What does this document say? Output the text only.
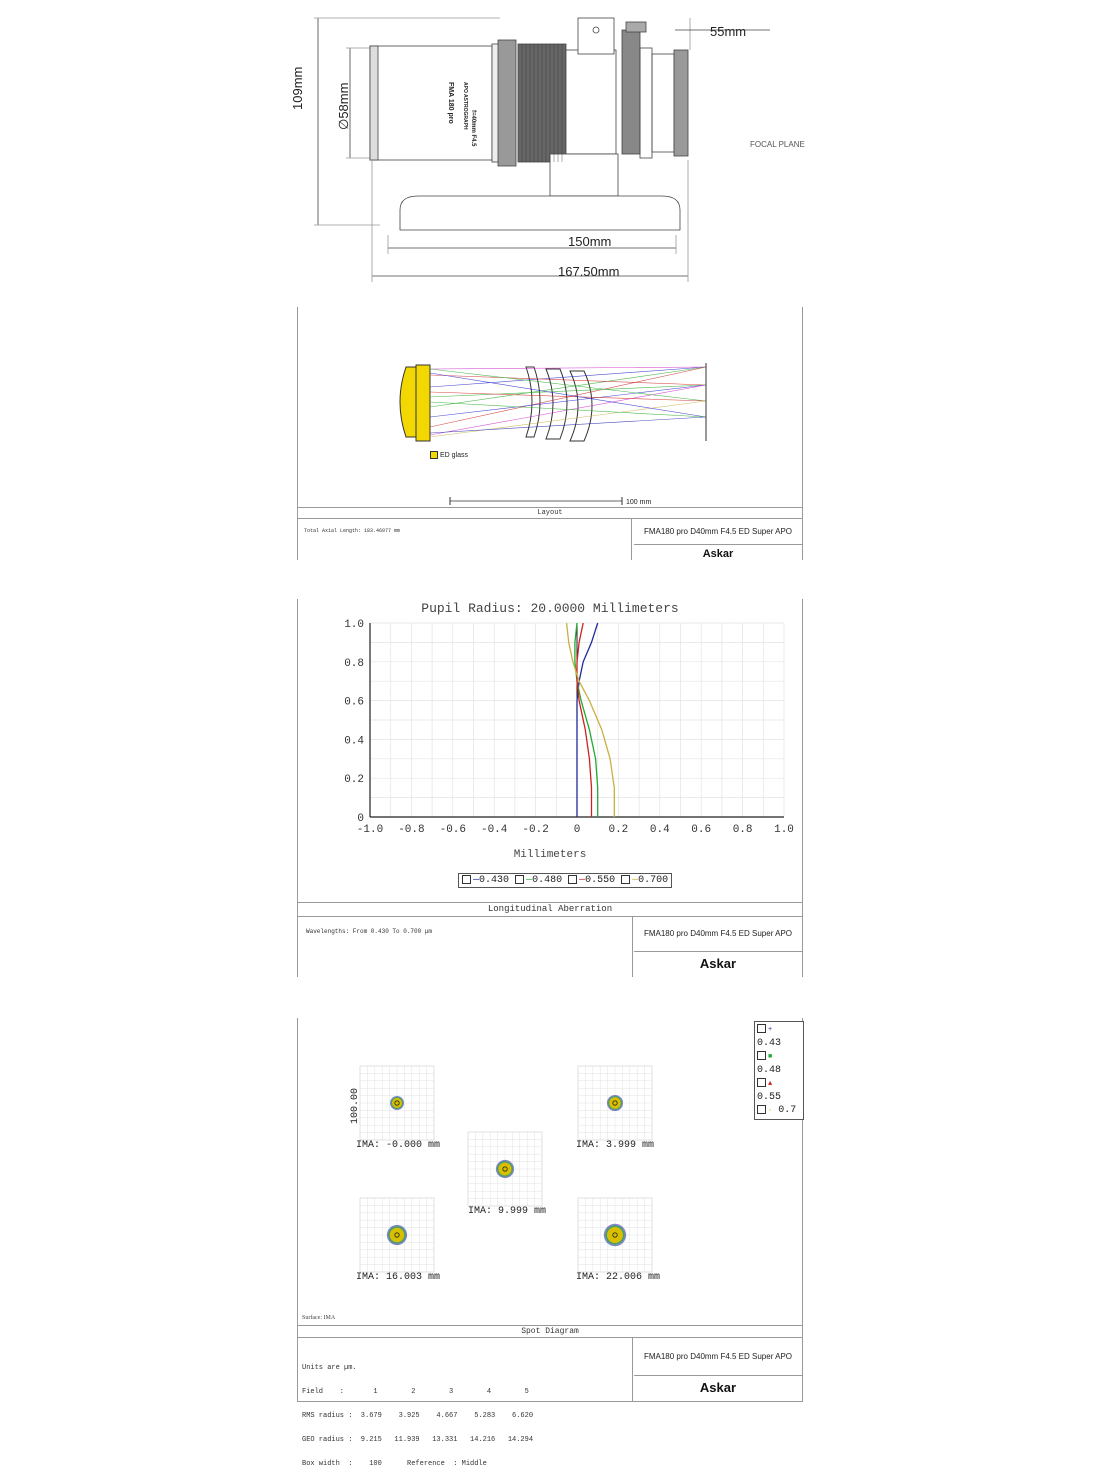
55mm
109mm ∅58mm	FMA 180 pro
f=40mm F4.5
APO ASTROGRAPH
FOCAL PLANE
150mm
167.50mm
ED glass
100 mm
Layout
Total Axial Length: 183.46077 mm	FMA180 pro D40mm F4.5 ED Super APO
Askar
Pupil Radius: 20.0000 Millimeters
1.0
0.8
0.6
0.4
0.2
0
-1.0 -0.8 -0.6 -0.4 -0.2 0	0.2 0.4 0.6 0.8 1.0
Millimeters
—0.430 —0.480 —0.550 —0.700
Longitudinal Aberration
Wavelengths: From 0.430 To 0.700 µm	FMA180 pro D40mm F4.5 ED Super APO
Askar
+ 0.43
■ 0.48
▲ 0.55
◦ 0.7
100.00
IMA: -0.000 mm	IMA: 3.999 mm
IMA: 9.999 mm
IMA: 16.003 mm	IMA: 22.006 mm
Surface: IMA
Spot Diagram

Units are µm.

Field    :       1        2        3        4        5

RMS radius :  3.679    3.925    4.667    5.283    6.620

GEO radius :  9.215   11.939   13.331   14.216   14.294

Box width  :    100      Reference  : Middle

FMA180 pro D40mm F4.5 ED Super APO
Askar
